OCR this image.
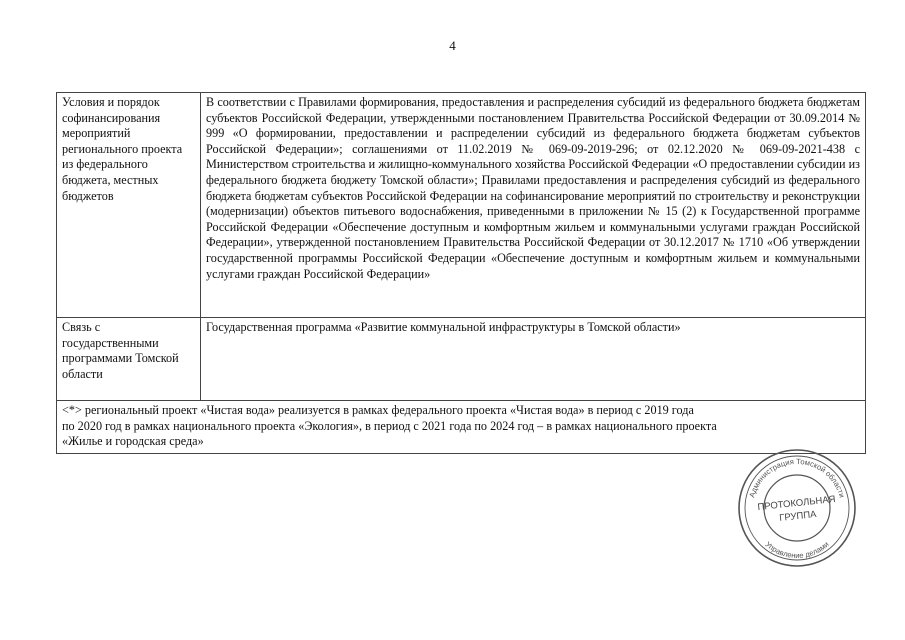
4
Условия и порядок софинансирования мероприятий регионального проекта из федерального бюджета, местных бюджетов	В соответствии с Правилами формирования, предоставления и распределения субсидий из федерального бюджета бюджетам субъектов Российской Федерации, утвержденными постановлением Правительства Российской Федерации от 30.09.2014 № 999 «О формировании, предоставлении и распределении субсидий из федерального бюджета бюджетам субъектов Российской Федерации»; соглашениями от 11.02.2019 № 069-09-2019-296; от 02.12.2020 № 069-09-2021-438 с Министерством строительства и жилищно-коммунального хозяйства Российской Федерации «О предоставлении субсидии из федерального бюджета бюджету Томской области»; Правилами предоставления и распределения субсидий из федерального бюджета бюджетам субъектов Российской Федерации на софинансирование мероприятий по строительству и реконструкции (модернизации) объектов питьевого водоснабжения, приведенными в приложении № 15 (2) к Государственной программе Российской Федерации «Обеспечение доступным и комфортным жильем и коммунальными услугами граждан Российской Федерации», утвержденной постановлением Правительства Российской Федерации от 30.12.2017 № 1710 «Об утверждении государственной программы Российской Федерации «Обеспечение доступным и комфортным жильем и коммунальными услугами граждан Российской Федерации»
Связь с государственными программами Томской области	Государственная программа «Развитие коммунальной инфраструктуры в Томской области»

<*> региональный проект «Чистая вода» реализуется в рамках федерального проекта «Чистая вода» в период с 2019 года
по 2020 год в рамках национального проекта «Экология», в период с 2021 года по 2024 год – в рамках национального проекта
«Жилье и городская среда»	
Администрация Томской области
Управление делами
ПРОТОКОЛЬНАЯ
ГРУППА
